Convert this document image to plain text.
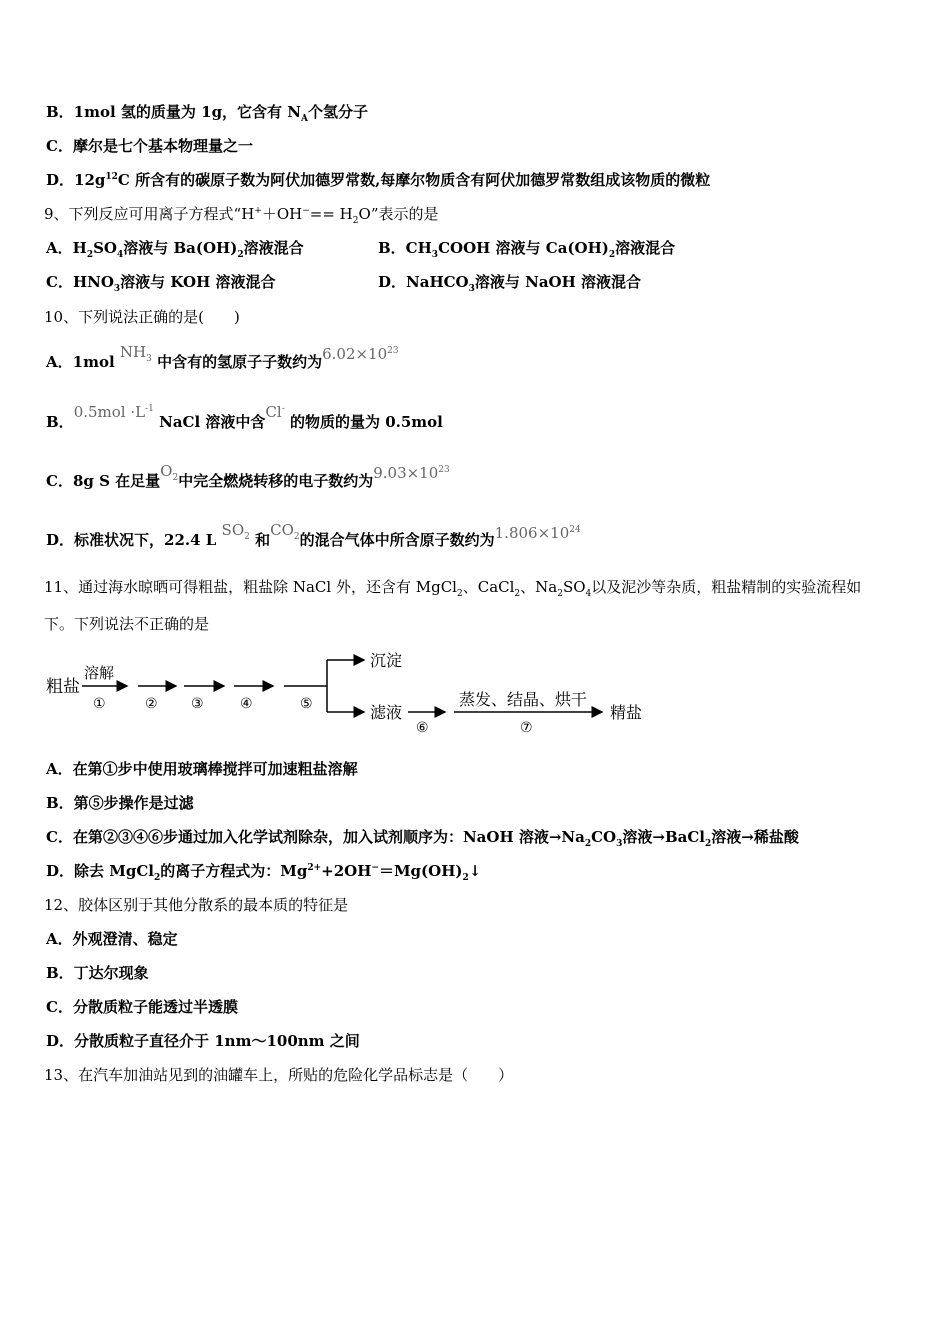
B．1mol 氢的质量为 1g，它含有 $N_A$个氢分子
C．摩尔是七个基本物理量之一
D．$12g^{12}C$ 所含有的碳原子数为阿伏加德罗常数,每摩尔物质含有阿伏加德罗常数组成该物质的微粒
9、下列反应可用离子方程式“$H^++OH^-== H_2O$”表示的是
A．$H_2SO_4$溶液与 $Ba(OH)_2$溶液混合	B．$CH_3COOH$ 溶液与 $Ca(OH)_2$溶液混合
C．$HNO_3$溶液与 KOH 溶液混合	D．NaHCO$_3$溶液与 NaOH 溶液混合
10、下列说法正确的是(　　)
A．1mol $NH_3$ 中含有的氢原子子数约为$6.02\times 10^{23}$
B．$0.5mol \cdot L^{-1}$ NaCl 溶液中含Cl- 的物质的量为 0.5mol
C．8g S 在足量$O_2$中完全燃烧转移的电子数约为$9.03\times 10^{23}$
D．标准状况下，22.4 L $SO_2$ 和$CO_2$的混合气体中所含原子数约为$1.806\times 10^{24}$
11、通过海水晾晒可得粗盐，粗盐除 NaCl 外，还含有 MgCl$_2$、CaCl$_2$、$Na_2SO_4$以及泥沙等杂质，粗盐精制的实验流程如
下。下列说法不正确的是
粗盐
溶解
①	② ③	④	⑤
沉淀
滤液
⑥
蒸发、结晶、烘干
⑦
精盐
A．在第①步中使用玻璃棒搅拌可加速粗盐溶解
B．第⑤步操作是过滤
C．在第②③④⑥步通过加入化学试剂除杂，加入试剂顺序为：NaOH 溶液$\to Na_2CO_3$溶液→BaCl$_2$溶液→稀盐酸
D．除去 MgCl$_2$的离子方程式为：$Mg^{2+}+2OH^-=Mg(OH)_2↓$
12、胶体区别于其他分散系的最本质的特征是
A．外观澄清、稳定
B．丁达尔现象
C．分散质粒子能透过半透膜
D．分散质粒子直径介于 1nm～100nm 之间
13、在汽车加油站见到的油罐车上，所贴的危险化学品标志是（　　）
